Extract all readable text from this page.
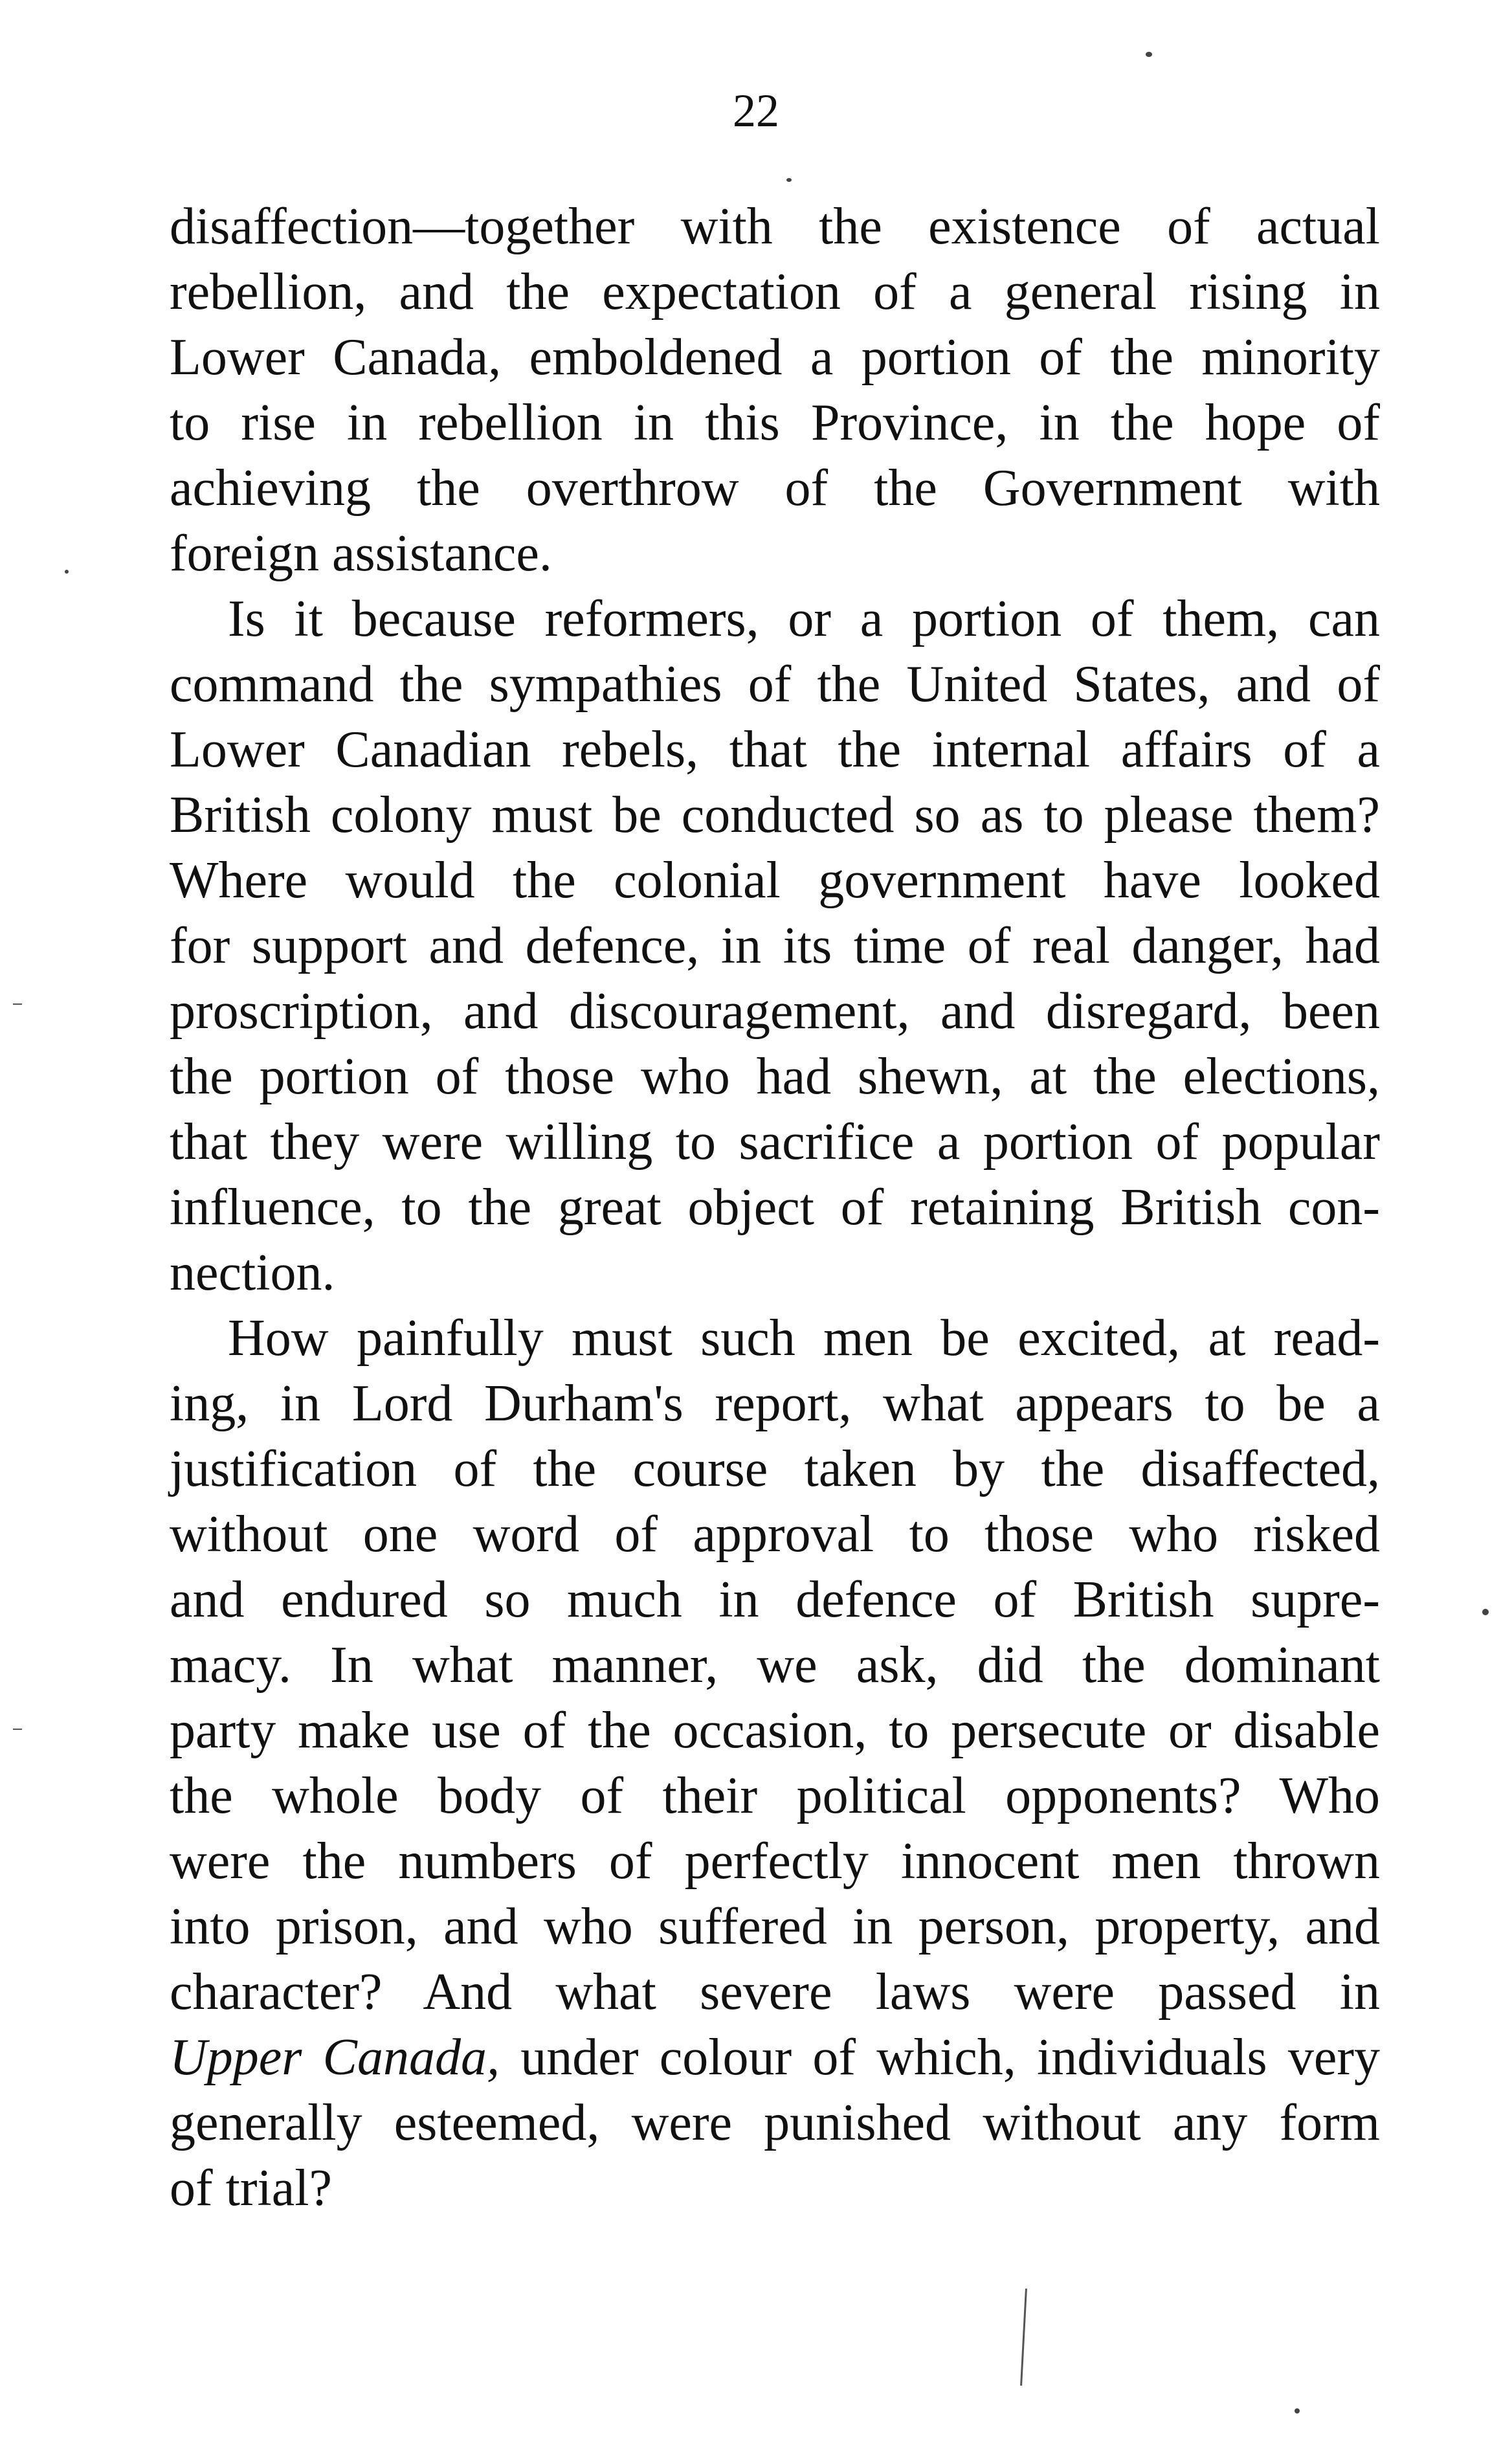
22
disaffection—together with the existence of actual
rebellion, and the expectation of a general rising in
Lower Canada, emboldened a portion of the minority
to rise in rebellion in this Province, in the hope of
achieving the overthrow of the Government with
foreign assistance.
Is it because reformers, or a portion of them, can
command the sympathies of the United States, and of
Lower Canadian rebels, that the internal affairs of a
British colony must be conducted so as to please them?
Where would the colonial government have looked
for support and defence, in its time of real danger, had
proscription, and discouragement, and disregard, been
the portion of those who had shewn, at the elections,
that they were willing to sacrifice a portion of popular
influence, to the great object of retaining British con-
nection.
How painfully must such men be excited, at read-
ing, in Lord Durham's report, what appears to be a
justification of the course taken by the disaffected,
without one word of approval to those who risked
and endured so much in defence of British supre-
macy. In what manner, we ask, did the dominant
party make use of the occasion, to persecute or disable
the whole body of their political opponents? Who
were the numbers of perfectly innocent men thrown
into prison, and who suffered in person, property, and
character? And what severe laws were passed in
Upper Canada, under colour of which, individuals very
generally esteemed, were punished without any form
of trial?
